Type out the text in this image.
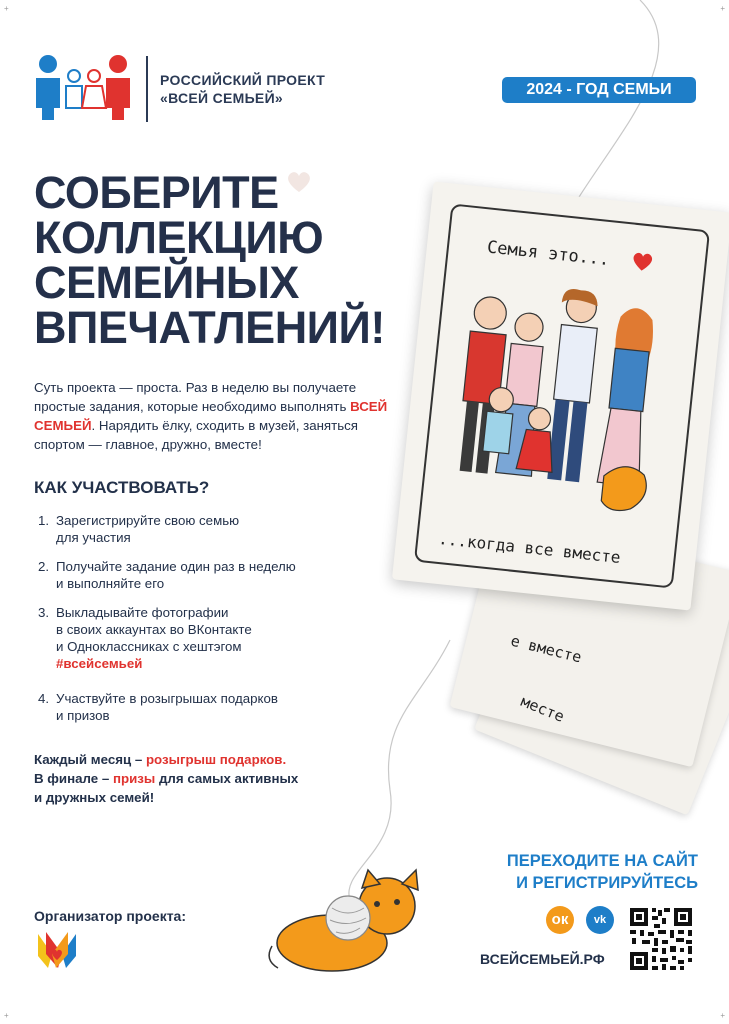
РОССИЙСКИЙ ПРОЕКТ
«ВСЕЙ СЕМЬЕЙ»	2024 - ГОД СЕМЬИ
СОБЕРИТЕ
КОЛЛЕКЦИЮ
СЕМЕЙНЫХ
ВПЕЧАТЛЕНИЙ!
Суть проекта — проста. Раз в неделю вы получаете простые задания, которые необходимо выполнять ВСЕЙ СЕМЬЕЙ. Нарядить ёлку, сходить в музей, заняться спортом — главное, дружно, вместе!
КАК УЧАСТВОВАТЬ?
1. Зарегистрируйте свою семью
для участия
2. Получайте задание один раз в неделю
и выполняйте его
3. Выкладывайте фотографии
в своих аккаунтах во ВКонтакте
и Одноклассниках с хештэгом
#всейсемьей
4. Участвуйте в розыгрышах подарков
и призов
Каждый месяц – розыгрыш подарков.
В финале – призы для самых активных
и дружных семей!
е вместе
месте
Семья это...
...когда все вместе
Организатор проекта:
ПЕРЕХОДИТЕ НА САЙТ
И РЕГИСТРИРУЙТЕСЬ
ок	vk
ВСЕЙСЕМЬЕЙ.РФ
+	+
+	+
